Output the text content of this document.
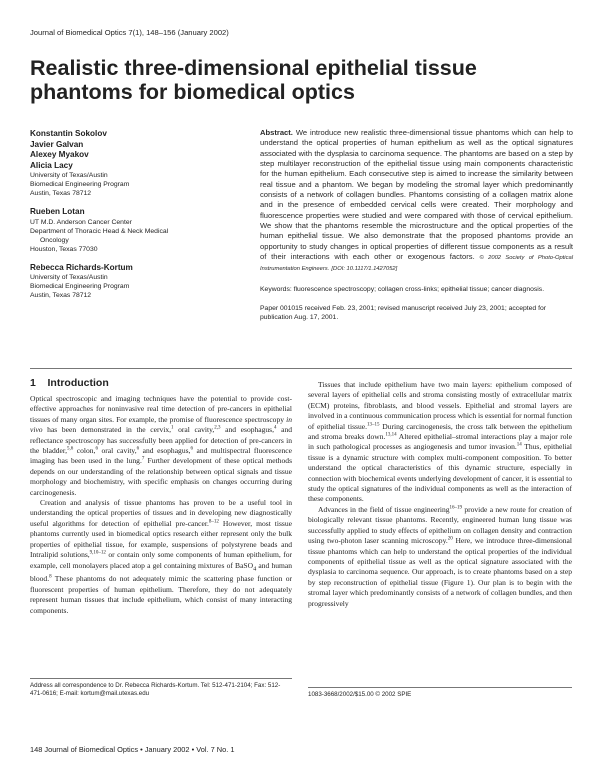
Journal of Biomedical Optics 7(1), 148–156 (January 2002)
Realistic three-dimensional epithelial tissue phantoms for biomedical optics
Konstantin Sokolov
Javier Galvan
Alexey Myakov
Alicia Lacy
University of Texas/Austin
Biomedical Engineering Program
Austin, Texas 78712
Rueben Lotan
UT M.D. Anderson Cancer Center
Department of Thoracic Head & Neck Medical
Oncology
Houston, Texas 77030
Rebecca Richards-Kortum
University of Texas/Austin
Biomedical Engineering Program
Austin, Texas 78712

Abstract. We introduce new realistic three-dimensional tissue phantoms which can help to understand the optical properties of human epithelium as well as the optical signatures associated with the dysplasia to carcinoma sequence. The phantoms are based on a step by step multilayer reconstruction of the epithelial tissue using main components characteristic for the human epithelium. Each consecutive step is aimed to increase the similarity between real tissue and a phantom. We began by modeling the stromal layer which predominantly consists of a network of collagen bundles. Phantoms consisting of a collagen matrix alone and in the presence of embedded cervical cells were created. Their morphology and fluorescence properties were studied and were compared with those of cervical epithelium. We show that the phantoms resemble the microstructure and the optical properties of the human epithelial tissue. We also demonstrate that the proposed phantoms provide an opportunity to study changes in optical properties of different tissue components as a result of their interactions with each other or exogenous factors. © 2002 Society of Photo-Optical Instrumentation Engineers. [DOI: 10.1117/1.1427052]

Keywords: fluorescence spectroscopy; collagen cross-links; epithelial tissue; cancer diagnosis.
Paper 001015 received Feb. 23, 2001; revised manuscript received July 23, 2001; accepted for publication Aug. 17, 2001.
1 Introduction

Optical spectroscopic and imaging techniques have the potential to provide cost-effective approaches for noninvasive real time detection of pre-cancers in epithelial tissues of many organ sites. For example, the promise of fluorescence spectroscopy in vivo has been demonstrated in the cervix,$^1$ oral cavity,$^{2,3}$ and esophagus,$^4$ and reflectance spectroscopy has successfully been applied for detection of pre-cancers in the bladder,$^{5,6}$ colon,$^6$ oral cavity,$^6$ and esophagus,$^6$ and multispectral fluorescence imaging has been used in the lung.$^7$ Further development of these optical methods depends on our understanding of the relationship between optical signals and tissue morphology and biochemistry, with specific emphasis on changes occurring during carcinogenesis.

Creation and analysis of tissue phantoms has proven to be a useful tool in understanding the optical properties of tissues and in developing new diagnostically useful algorithms for detection of epithelial pre-cancer.$^{8-12}$ However, most tissue phantoms currently used in biomedical optics research either represent only the bulk properties of epithelial tissue, for example, suspensions of polystyrene beads and Intralipid solutions,$^{9,10-12}$ or contain only some components of human epithelium, for example, cell monolayers placed atop a gel containing mixtures of BaSO$_4$ and human blood.$^8$ These phantoms do not adequately mimic the scattering phase function or fluorescent properties of human epithelium. Therefore, they do not adequately represent human tissues that include epithelium, which consist of many interacting components.

Tissues that include epithelium have two main layers: epithelium composed of several layers of epithelial cells and stroma consisting mostly of extracellular matrix (ECM) proteins, fibroblasts, and blood vessels. Epithelial and stromal layers are involved in a continuous communication process which is essential for normal function of epithelial tissue.$^{13-15}$ During carcinogenesis, the cross talk between the epithelium and stroma breaks down.$^{13,14}$ Altered epithelial–stromal interactions play a major role in such pathological processes as angiogenesis and tumor invasion.$^{14}$ Thus, epithelial tissue is a dynamic structure with complex multi-component composition. To better understand the optical characteristics of this dynamic structure, especially in connection with biochemical events underlying development of cancer, it is essential to study the optical signatures of the individual components as well as the interaction of these components.

Advances in the field of tissue engineering$^{16-19}$ provide a new route for creation of biologically relevant tissue phantoms. Recently, engineered human lung tissue was successfully applied to study effects of epithelium on collagen density and contraction using two-photon laser scanning microscopy.$^{20}$ Here, we introduce three-dimensional tissue phantoms which can help to understand the optical properties of the individual components of epithelial tissue as well as the optical signature associated with the dysplasia to carcinoma sequence. Our approach, is to create phantoms based on a step by step reconstruction of epithelial tissue (Figure 1). Our plan is to begin with the stromal layer which predominantly consists of a network of collagen bundles, and then progressively

Address all correspondence to Dr. Rebecca Richards-Kortum. Tel: 512-471-2104; Fax: 512-471-0616; E-mail: kortum@mail.utexas.edu	1083-3668/2002/$15.00 © 2002 SPIE
148 Journal of Biomedical Optics • January 2002 • Vol. 7 No. 1
